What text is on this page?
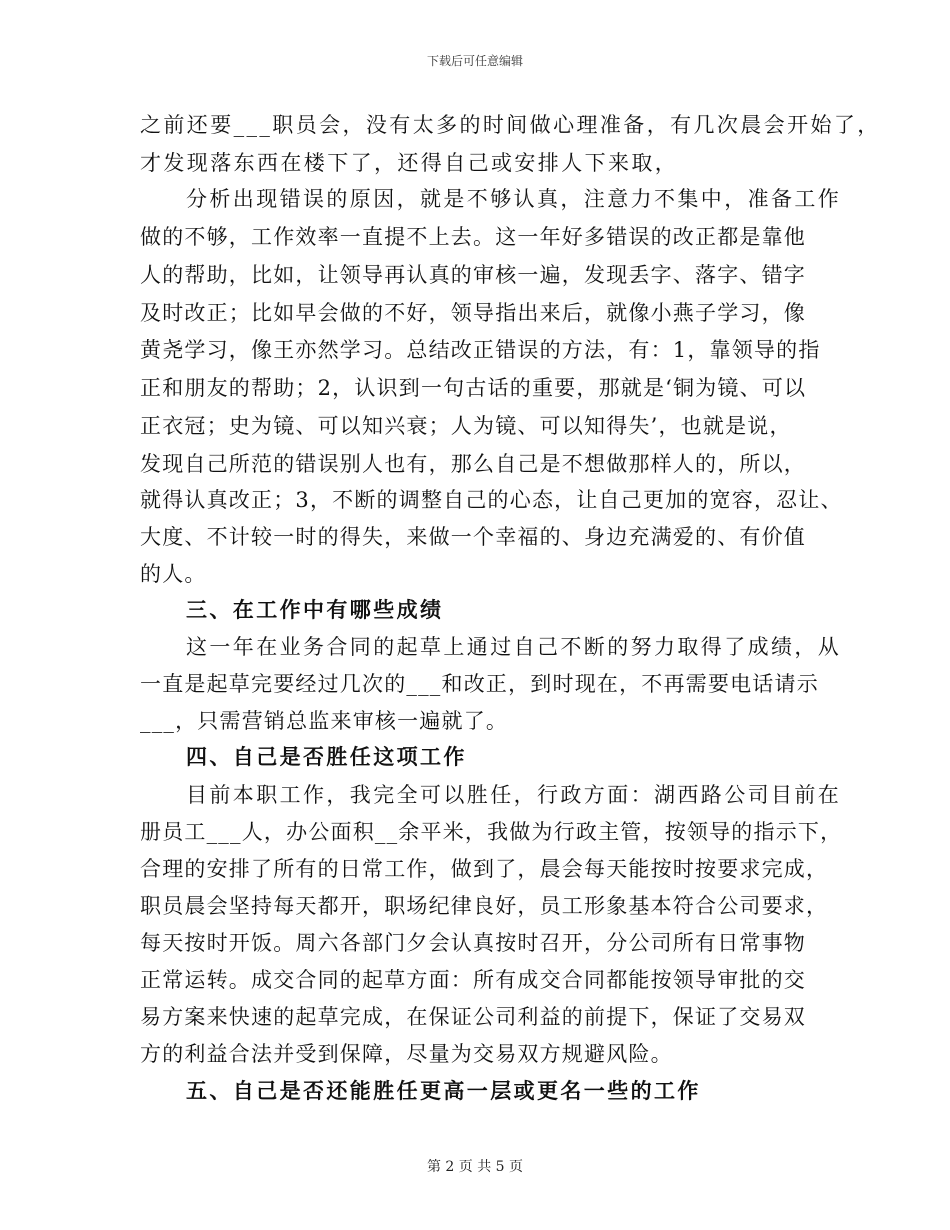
下载后可任意编辑
之前还要___职员会，没有太多的时间做心理准备，有几次晨会开始了，
才发现落东西在楼下了，还得自己或安排人下来取，
分析出现错误的原因，就是不够认真，注意力不集中，准备工作
做的不够，工作效率一直提不上去。这一年好多错误的改正都是靠他
人的帮助，比如，让领导再认真的审核一遍，发现丢字、落字、错字
及时改正；比如早会做的不好，领导指出来后，就像小燕子学习，像
黄尧学习，像王亦然学习。总结改正错误的方法，有：1，靠领导的指
正和朋友的帮助；2，认识到一句古话的重要，那就是‘铜为镜、可以
正衣冠；史为镜、可以知兴衰；人为镜、可以知得失’，也就是说，
发现自己所范的错误别人也有，那么自己是不想做那样人的，所以，
就得认真改正；3，不断的调整自己的心态，让自己更加的宽容，忍让、
大度、不计较一时的得失，来做一个幸福的、身边充满爱的、有价值
的人。
三、在工作中有哪些成绩
这一年在业务合同的起草上通过自己不断的努力取得了成绩，从
一直是起草完要经过几次的___和改正，到时现在，不再需要电话请示
___，只需营销总监来审核一遍就了。
四、自己是否胜任这项工作
目前本职工作，我完全可以胜任，行政方面：湖西路公司目前在
册员工___人，办公面积__余平米，我做为行政主管，按领导的指示下，
合理的安排了所有的日常工作，做到了，晨会每天能按时按要求完成，
职员晨会坚持每天都开，职场纪律良好，员工形象基本符合公司要求，
每天按时开饭。周六各部门夕会认真按时召开，分公司所有日常事物
正常运转。成交合同的起草方面：所有成交合同都能按领导审批的交
易方案来快速的起草完成，在保证公司利益的前提下，保证了交易双
方的利益合法并受到保障，尽量为交易双方规避风险。
五、自己是否还能胜任更高一层或更名一些的工作
第 2 页 共 5 页
